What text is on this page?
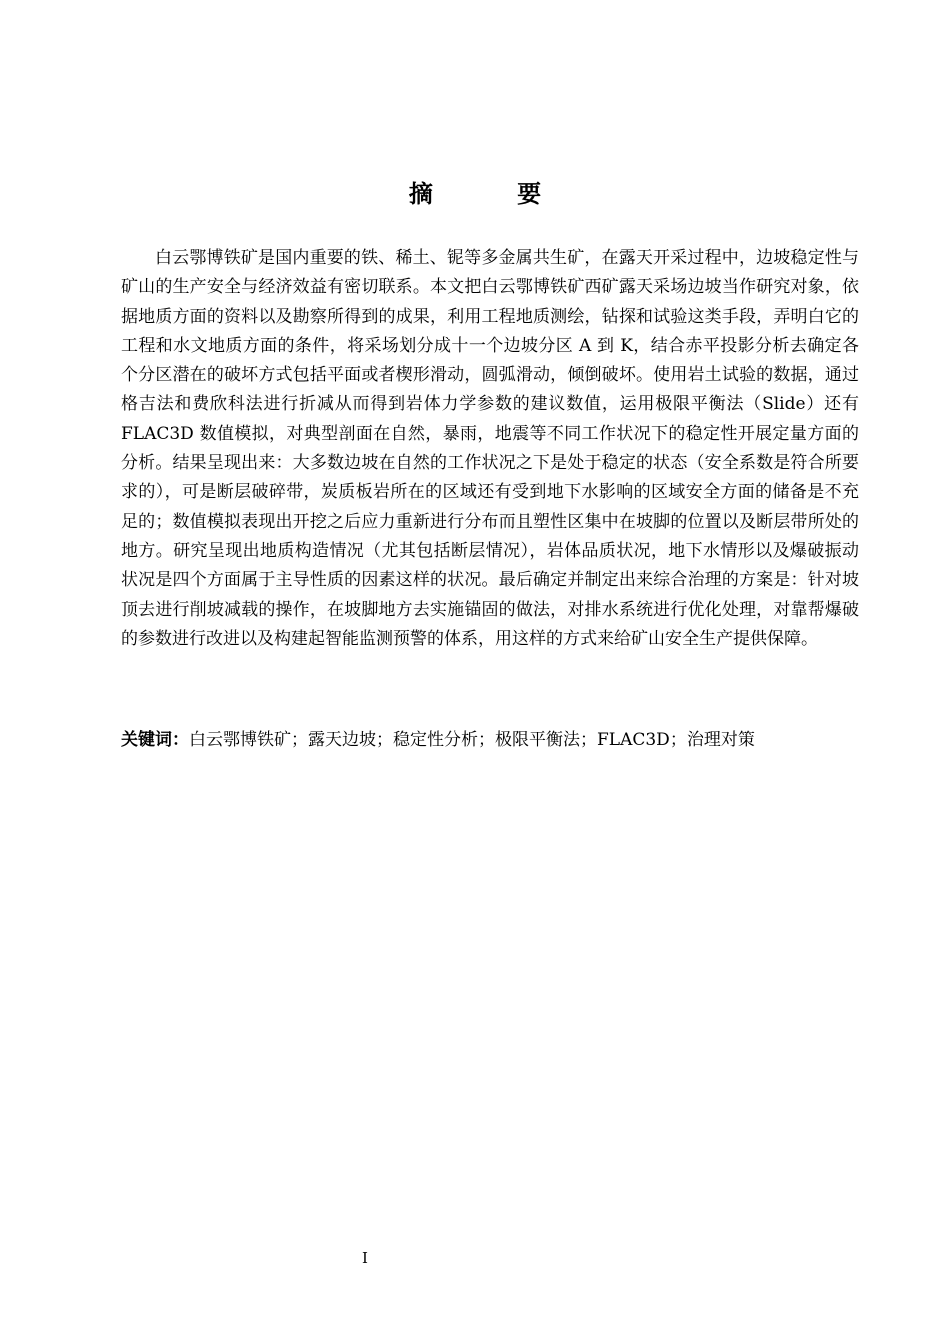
摘 要

白云鄂博铁矿是国内重要的铁、稀土、铌等多金属共生矿，在露天开采过程中，边坡稳定性与矿山的生产安全与经济效益有密切联系。本文把白云鄂博铁矿西矿露天采场边坡当作研究对象，依据地质方面的资料以及勘察所得到的成果，利用工程地质测绘，钻探和试验这类手段，弄明白它的工程和水文地质方面的条件，将采场划分成十一个边坡分区 A 到 K，结合赤平投影分析去确定各个分区潜在的破坏方式包括平面或者楔形滑动，圆弧滑动，倾倒破坏。使用岩土试验的数据，通过格吉法和费欣科法进行折减从而得到岩体力学参数的建议数值，运用极限平衡法（Slide）还有 FLAC3D 数值模拟，对典型剖面在自然，暴雨，地震等不同工作状况下的稳定性开展定量方面的分析。结果呈现出来：大多数边坡在自然的工作状况之下是处于稳定的状态（安全系数是符合所要求的），可是断层破碎带，炭质板岩所在的区域还有受到地下水影响的区域安全方面的储备是不充足的；数值模拟表现出开挖之后应力重新进行分布而且塑性区集中在坡脚的位置以及断层带所处的地方。研究呈现出地质构造情况（尤其包括断层情况），岩体品质状况，地下水情形以及爆破振动状况是四个方面属于主导性质的因素这样的状况。最后确定并制定出来综合治理的方案是：针对坡顶去进行削坡减载的操作，在坡脚地方去实施锚固的做法，对排水系统进行优化处理，对靠帮爆破的参数进行改进以及构建起智能监测预警的体系，用这样的方式来给矿山安全生产提供保障。

关键词：白云鄂博铁矿；露天边坡；稳定性分析；极限平衡法；FLAC3D；治理对策

I
